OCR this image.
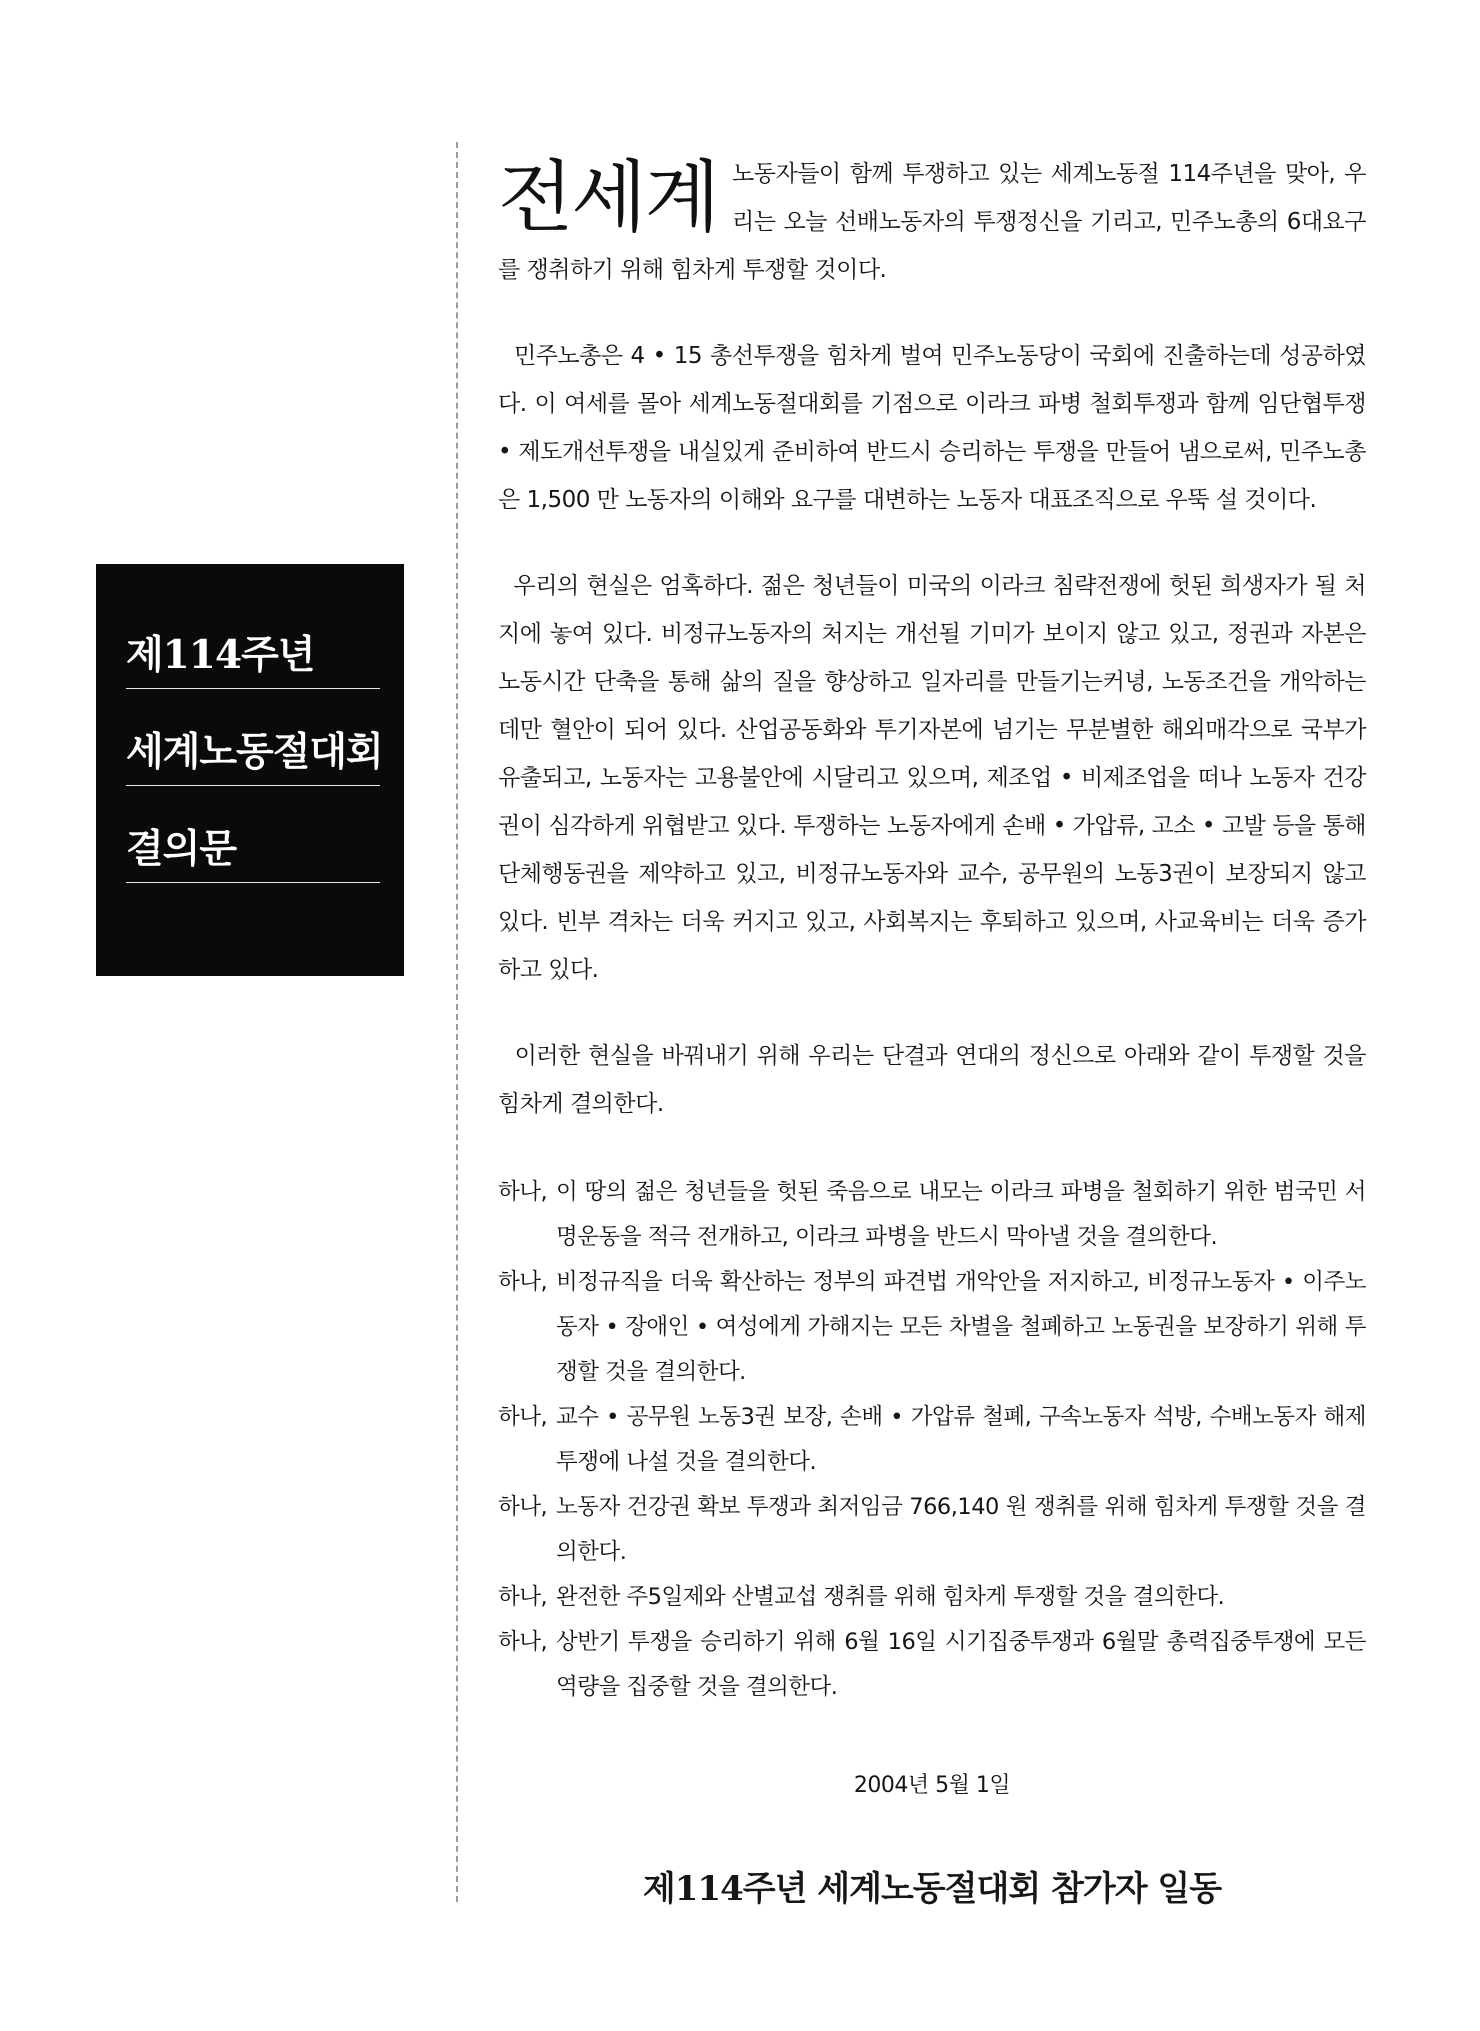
제114주년
세계노동절대회
결의문

전세계 노동자들이 함께 투쟁하고 있는 세계노동절 114주년을 맞아, 우리는 오늘 선배노동자의 투쟁정신을 기리고, 민주노총의 6대요구를 쟁취하기 위해 힘차게 투쟁할 것이다.

민주노총은 4 • 15 총선투쟁을 힘차게 벌여 민주노동당이 국회에 진출하는데 성공하였다. 이 여세를 몰아 세계노동절대회를 기점으로 이라크 파병 철회투쟁과 함께 임단협투쟁 • 제도개선투쟁을 내실있게 준비하여 반드시 승리하는 투쟁을 만들어 냄으로써, 민주노총은 1,500 만 노동자의 이해와 요구를 대변하는 노동자 대표조직으로 우뚝 설 것이다.

우리의 현실은 엄혹하다. 젊은 청년들이 미국의 이라크 침략전쟁에 헛된 희생자가 될 처지에 놓여 있다. 비정규노동자의 처지는 개선될 기미가 보이지 않고 있고, 정권과 자본은 노동시간 단축을 통해 삶의 질을 향상하고 일자리를 만들기는커녕, 노동조건을 개악하는데만 혈안이 되어 있다. 산업공동화와 투기자본에 넘기는 무분별한 해외매각으로 국부가 유출되고, 노동자는 고용불안에 시달리고 있으며, 제조업 • 비제조업을 떠나 노동자 건강권이 심각하게 위협받고 있다. 투쟁하는 노동자에게 손배 • 가압류, 고소 • 고발 등을 통해 단체행동권을 제약하고 있고, 비정규노동자와 교수, 공무원의 노동3권이 보장되지 않고 있다. 빈부 격차는 더욱 커지고 있고, 사회복지는 후퇴하고 있으며, 사교육비는 더욱 증가하고 있다.

이러한 현실을 바꿔내기 위해 우리는 단결과 연대의 정신으로 아래와 같이 투쟁할 것을 힘차게 결의한다.

하나, 이 땅의 젊은 청년들을 헛된 죽음으로 내모는 이라크 파병을 철회하기 위한 범국민 서명운동을 적극 전개하고, 이라크 파병을 반드시 막아낼 것을 결의한다.
하나, 비정규직을 더욱 확산하는 정부의 파견법 개악안을 저지하고, 비정규노동자 • 이주노동자 • 장애인 • 여성에게 가해지는 모든 차별을 철폐하고 노동권을 보장하기 위해 투쟁할 것을 결의한다.
하나, 교수 • 공무원 노동3권 보장, 손배 • 가압류 철폐, 구속노동자 석방, 수배노동자 해제 투쟁에 나설 것을 결의한다.
하나, 노동자 건강권 확보 투쟁과 최저임금 766,140 원 쟁취를 위해 힘차게 투쟁할 것을 결의한다.
하나, 완전한 주5일제와 산별교섭 쟁취를 위해 힘차게 투쟁할 것을 결의한다.
하나, 상반기 투쟁을 승리하기 위해 6월 16일 시기집중투쟁과 6월말 총력집중투쟁에 모든 역량을 집중할 것을 결의한다.
2004년 5월 1일
제114주년 세계노동절대회 참가자 일동
